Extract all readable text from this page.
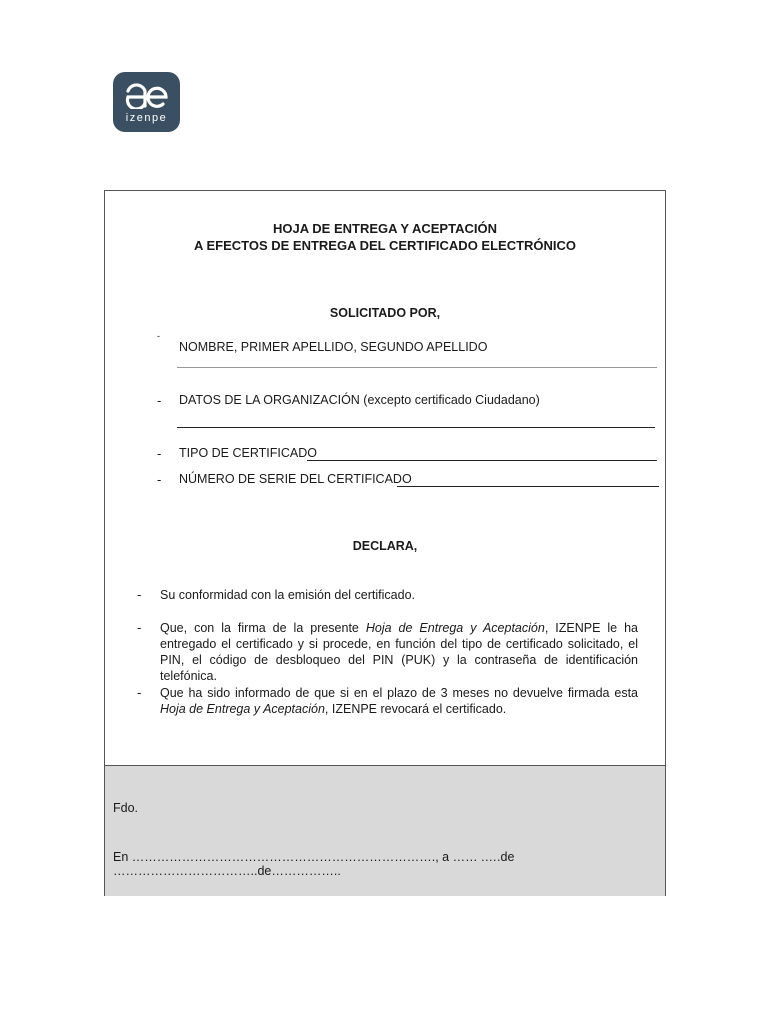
izenpe
HOJA DE ENTREGA Y ACEPTACIÓN
A EFECTOS DE ENTREGA DEL CERTIFICADO ELECTRÓNICO
SOLICITADO POR,
-
NOMBRE, PRIMER APELLIDO, SEGUNDO APELLIDO
- DATOS DE LA ORGANIZACIÓN (excepto certificado Ciudadano)
- TIPO DE CERTIFICADO
- NÚMERO DE SERIE DEL CERTIFICADO
DECLARA,
- Su conformidad con la emisión del certificado.
- Que, con la firma de la presente Hoja de Entrega y Aceptación, IZENPE le ha entregado el certificado y si procede, en función del tipo de certificado solicitado, el PIN, el código de desbloqueo del PIN (PUK) y la contraseña de identificación telefónica.
- Que ha sido informado de que si en el plazo de 3 meses no devuelve firmada esta Hoja de Entrega y Aceptación, IZENPE revocará el certificado.
Fdo.
En ………………………………………………………………., a …… .….de ……………………………..de……………..
